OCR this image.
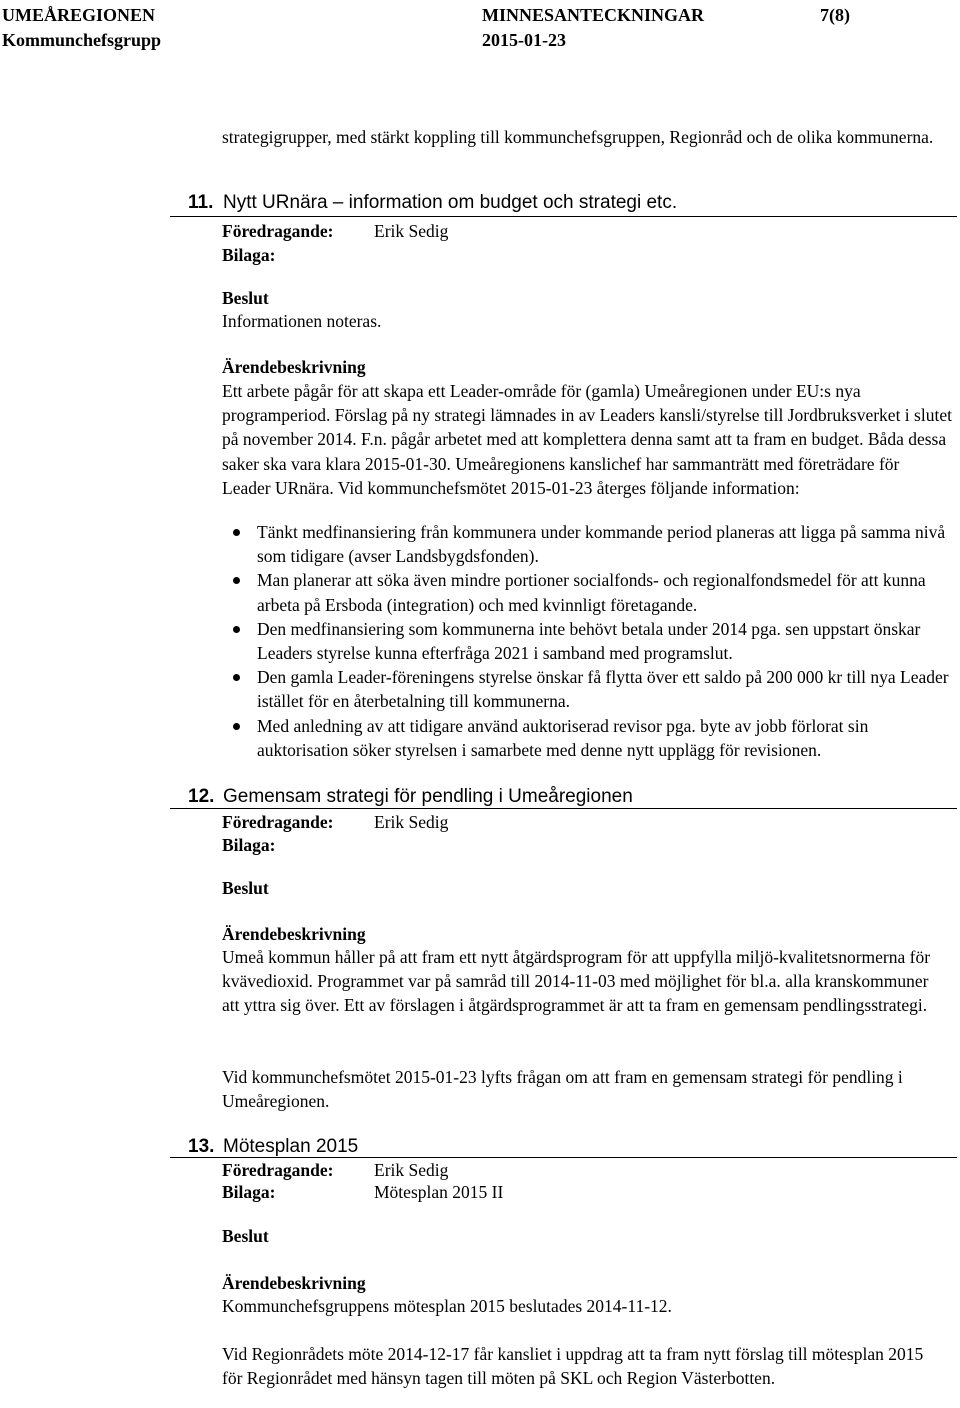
UMEÅREGIONEN
Kommunchefsgrupp
MINNESANTECKNINGAR
2015-01-23
7(8)
strategigrupper, med stärkt koppling till kommunchefsgruppen, Regionråd och de olika kommunerna.
11. Nytt URnära – information om budget och strategi etc.
Föredragande: Erik Sedig
Bilaga:
Beslut
Informationen noteras.
Ärendebeskrivning
Ett arbete pågår för att skapa ett Leader-område för (gamla) Umeåregionen under EU:s nya programperiod. Förslag på ny strategi lämnades in av Leaders kansli/styrelse till Jordbruksverket i slutet på november 2014. F.n. pågår arbetet med att komplettera denna samt att ta fram en budget. Båda dessa saker ska vara klara 2015-01-30. Umeåregionens kanslichef har sammanträtt med företrädare för Leader URnära. Vid kommunchefsmötet 2015-01-23 återges följande information:
Tänkt medfinansiering från kommunera under kommande period planeras att ligga på samma nivå som tidigare (avser Landsbygdsfonden).
Man planerar att söka även mindre portioner socialfonds- och regionalfondsmedel för att kunna arbeta på Ersboda (integration) och med kvinnligt företagande.
Den medfinansiering som kommunerna inte behövt betala under 2014 pga. sen uppstart önskar Leaders styrelse kunna efterfråga 2021 i samband med programslut.
Den gamla Leader-föreningens styrelse önskar få flytta över ett saldo på 200 000 kr till nya Leader istället för en återbetalning till kommunerna.
Med anledning av att tidigare använd auktoriserad revisor pga. byte av jobb förlorat sin auktorisation söker styrelsen i samarbete med denne nytt upplägg för revisionen.
12. Gemensam strategi för pendling i Umeåregionen
Föredragande: Erik Sedig
Bilaga:
Beslut
Ärendebeskrivning
Umeå kommun håller på att fram ett nytt åtgärdsprogram för att uppfylla miljö-kvalitetsnormerna för kvävedioxid. Programmet var på samråd till 2014-11-03 med möjlighet för bl.a. alla kranskommuner att yttra sig över. Ett av förslagen i åtgärdsprogrammet är att ta fram en gemensam pendlingsstrategi.
Vid kommunchefsmötet 2015-01-23 lyfts frågan om att fram en gemensam strategi för pendling i Umeåregionen.
13. Mötesplan 2015
Föredragande: Erik Sedig
Bilaga:	Mötesplan 2015 II
Beslut
Ärendebeskrivning
Kommunchefsgruppens mötesplan 2015 beslutades 2014-11-12.
Vid Regionrådets möte 2014-12-17 får kansliet i uppdrag att ta fram nytt förslag till mötesplan 2015 för Regionrådet med hänsyn tagen till möten på SKL och Region Västerbotten.
